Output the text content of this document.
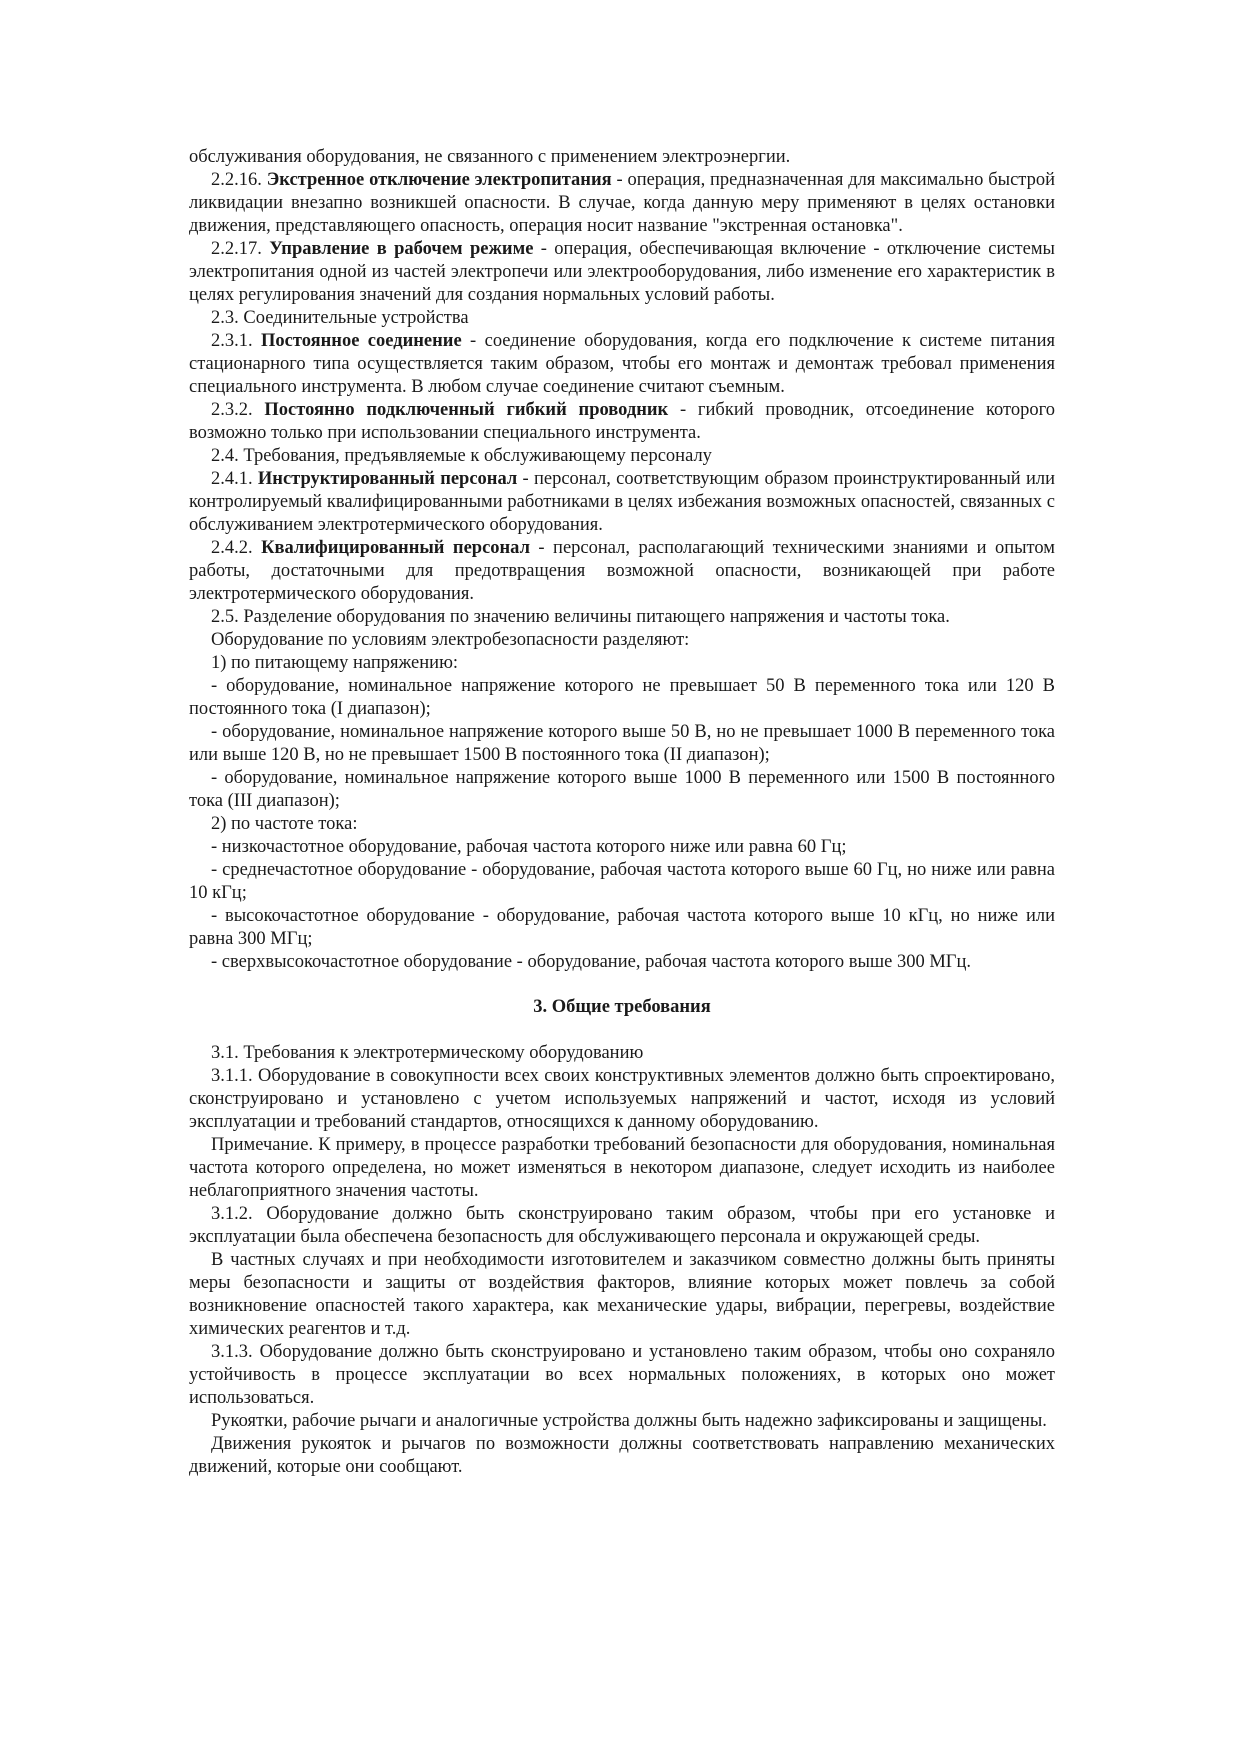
обслуживания оборудования, не связанного с применением электроэнергии.

2.2.16. Экстренное отключение электропитания - операция, предназначенная для максимально быстрой ликвидации внезапно возникшей опасности. В случае, когда данную меру применяют в целях остановки движения, представляющего опасность, операция носит название "экстренная остановка".

2.2.17. Управление в рабочем режиме - операция, обеспечивающая включение - отключение системы электропитания одной из частей электропечи или электрооборудования, либо изменение его характеристик в целях регулирования значений для создания нормальных условий работы.

2.3. Соединительные устройства

2.3.1. Постоянное соединение - соединение оборудования, когда его подключение к системе питания стационарного типа осуществляется таким образом, чтобы его монтаж и демонтаж требовал применения специального инструмента. В любом случае соединение считают съемным.

2.3.2. Постоянно подключенный гибкий проводник - гибкий проводник, отсоединение которого возможно только при использовании специального инструмента.

2.4. Требования, предъявляемые к обслуживающему персоналу

2.4.1. Инструктированный персонал - персонал, соответствующим образом проинструктированный или контролируемый квалифицированными работниками в целях избежания возможных опасностей, связанных с обслуживанием электротермического оборудования.

2.4.2. Квалифицированный персонал - персонал, располагающий техническими знаниями и опытом работы, достаточными для предотвращения возможной опасности, возникающей при работе электротермического оборудования.

2.5. Разделение оборудования по значению величины питающего напряжения и частоты тока.

Оборудование по условиям электробезопасности разделяют:

1) по питающему напряжению:

- оборудование, номинальное напряжение которого не превышает 50 В переменного тока или 120 В постоянного тока (I диапазон);

- оборудование, номинальное напряжение которого выше 50 В, но не превышает 1000 В переменного тока или выше 120 В, но не превышает 1500 В постоянного тока (II диапазон);

- оборудование, номинальное напряжение которого выше 1000 В переменного или 1500 В постоянного тока (III диапазон);

2) по частоте тока:

- низкочастотное оборудование, рабочая частота которого ниже или равна 60 Гц;

- среднечастотное оборудование - оборудование, рабочая частота которого выше 60 Гц, но ниже или равна 10 кГц;

- высокочастотное оборудование - оборудование, рабочая частота которого выше 10 кГц, но ниже или равна 300 МГц;

- сверхвысокочастотное оборудование - оборудование, рабочая частота которого выше 300 МГц.

3. Общие требования

3.1. Требования к электротермическому оборудованию

3.1.1. Оборудование в совокупности всех своих конструктивных элементов должно быть спроектировано, сконструировано и установлено с учетом используемых напряжений и частот, исходя из условий эксплуатации и требований стандартов, относящихся к данному оборудованию.

Примечание. К примеру, в процессе разработки требований безопасности для оборудования, номинальная частота которого определена, но может изменяться в некотором диапазоне, следует исходить из наиболее неблагоприятного значения частоты.

3.1.2. Оборудование должно быть сконструировано таким образом, чтобы при его установке и эксплуатации была обеспечена безопасность для обслуживающего персонала и окружающей среды.

В частных случаях и при необходимости изготовителем и заказчиком совместно должны быть приняты меры безопасности и защиты от воздействия факторов, влияние которых может повлечь за собой возникновение опасностей такого характера, как механические удары, вибрации, перегревы, воздействие химических реагентов и т.д.

3.1.3. Оборудование должно быть сконструировано и установлено таким образом, чтобы оно сохраняло устойчивость в процессе эксплуатации во всех нормальных положениях, в которых оно может использоваться.

Рукоятки, рабочие рычаги и аналогичные устройства должны быть надежно зафиксированы и защищены.

Движения рукояток и рычагов по возможности должны соответствовать направлению механических движений, которые они сообщают.
